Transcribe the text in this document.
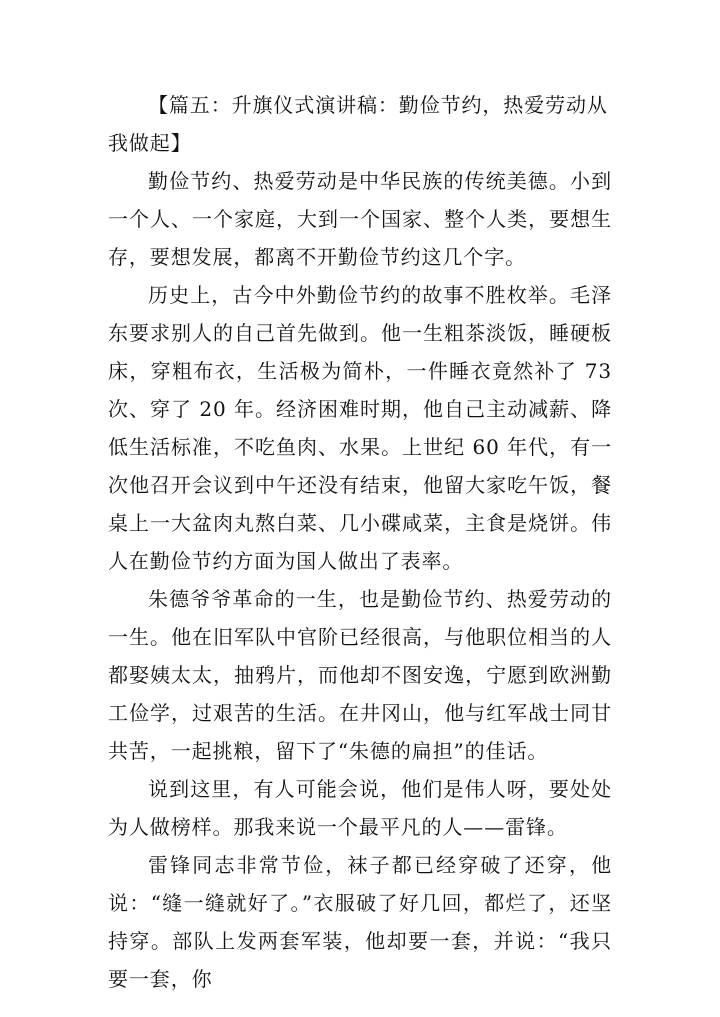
【篇五：升旗仪式演讲稿：勤俭节约，热爱劳动从我做起】

勤俭节约、热爱劳动是中华民族的传统美德。小到一个人、一个家庭，大到一个国家、整个人类，要想生存，要想发展，都离不开勤俭节约这几个字。

历史上，古今中外勤俭节约的故事不胜枚举。毛泽东要求别人的自己首先做到。他一生粗茶淡饭，睡硬板床，穿粗布衣，生活极为简朴，一件睡衣竟然补了 73 次、穿了 20 年。经济困难时期，他自己主动减薪、降低生活标准，不吃鱼肉、水果。上世纪 60 年代，有一次他召开会议到中午还没有结束，他留大家吃午饭，餐桌上一大盆肉丸熬白菜、几小碟咸菜，主食是烧饼。伟人在勤俭节约方面为国人做出了表率。

朱德爷爷革命的一生，也是勤俭节约、热爱劳动的一生。他在旧军队中官阶已经很高，与他职位相当的人都娶姨太太，抽鸦片，而他却不图安逸，宁愿到欧洲勤工俭学，过艰苦的生活。在井冈山，他与红军战士同甘共苦，一起挑粮，留下了“朱德的扁担”的佳话。

说到这里，有人可能会说，他们是伟人呀，要处处为人做榜样。那我来说一个最平凡的人——雷锋。

雷锋同志非常节俭，袜子都已经穿破了还穿，他说：“缝一缝就好了。”衣服破了好几回，都烂了，还坚持穿。部队上发两套军装，他却要一套，并说：“我只要一套，你
